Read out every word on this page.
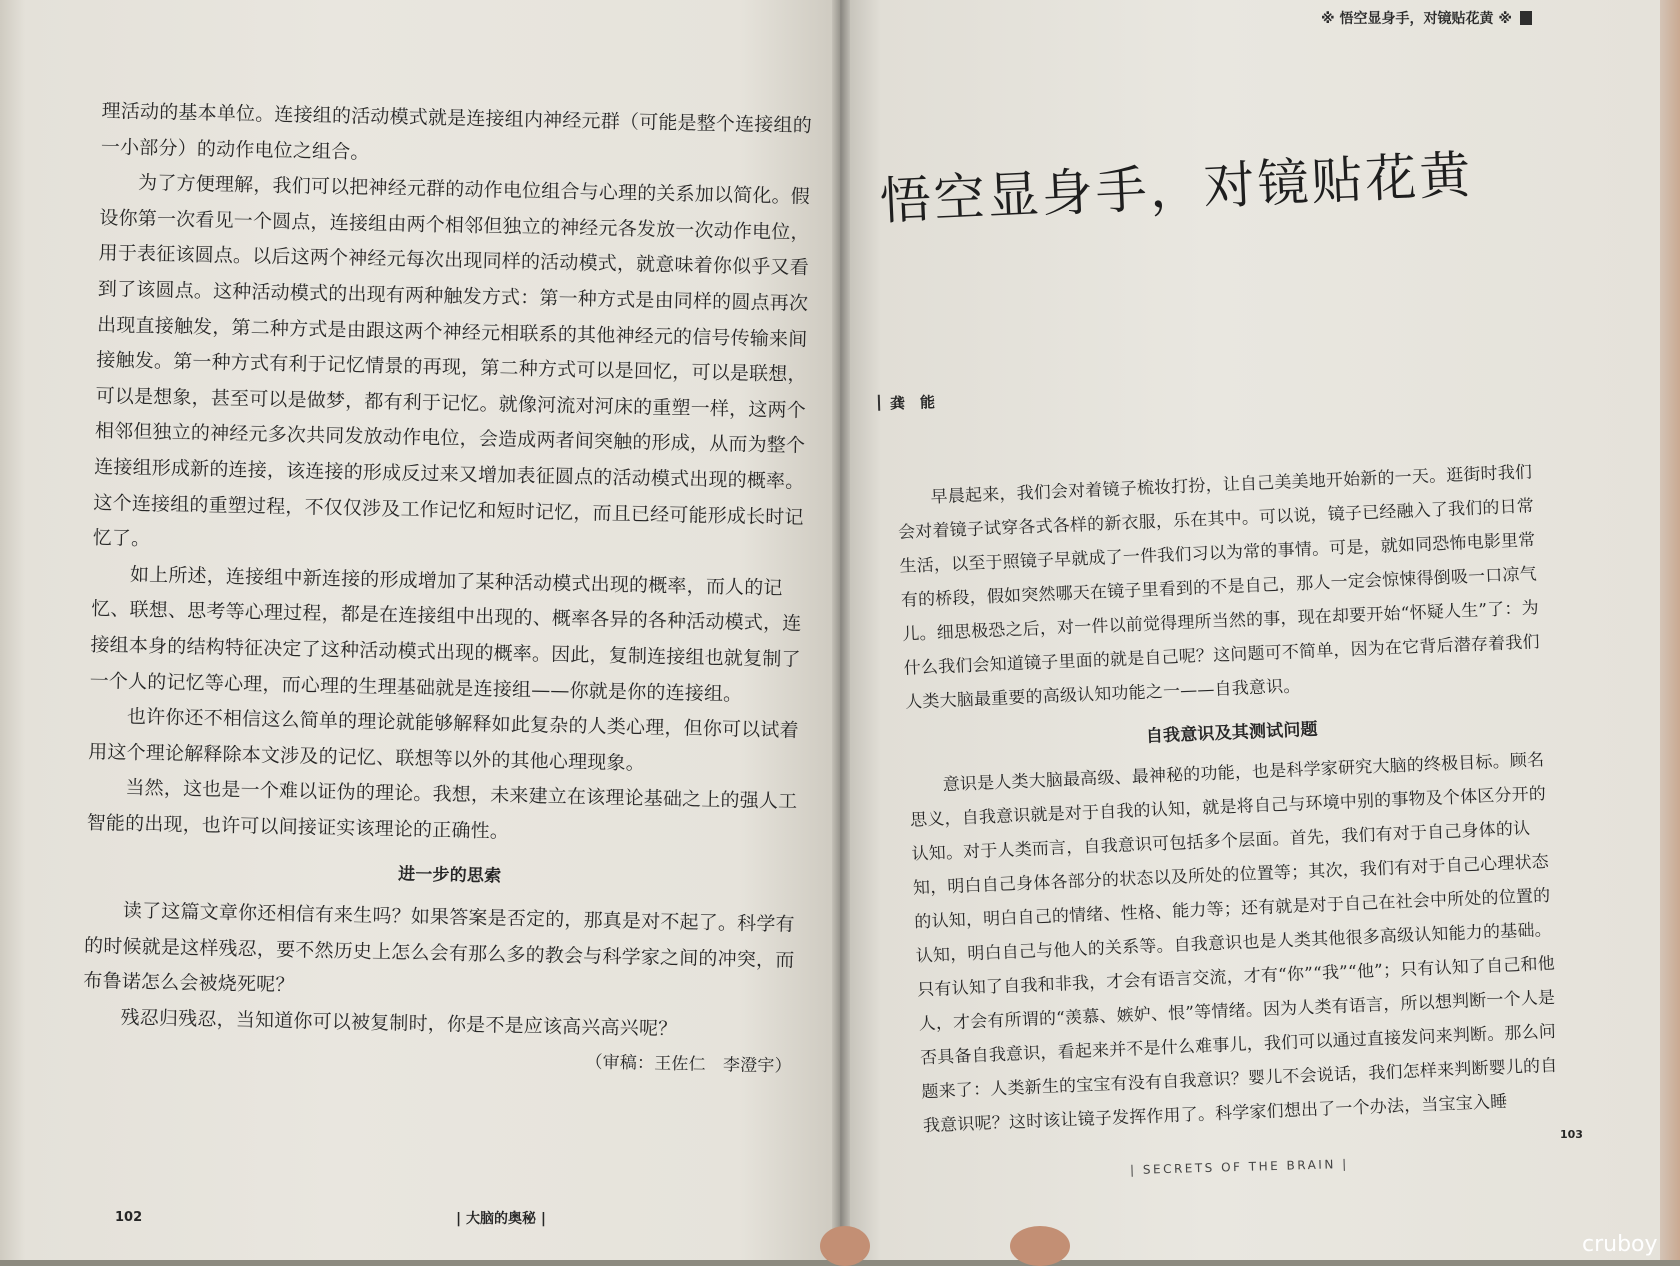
理活动的基本单位。连接组的活动模式就是连接组内神经元群（可能是整个连接组的一小部分）的动作电位之组合。

为了方便理解，我们可以把神经元群的动作电位组合与心理的关系加以简化。假设你第一次看见一个圆点，连接组由两个相邻但独立的神经元各发放一次动作电位，用于表征该圆点。以后这两个神经元每次出现同样的活动模式，就意味着你似乎又看到了该圆点。这种活动模式的出现有两种触发方式：第一种方式是由同样的圆点再次出现直接触发，第二种方式是由跟这两个神经元相联系的其他神经元的信号传输来间接触发。第一种方式有利于记忆情景的再现，第二种方式可以是回忆，可以是联想，可以是想象，甚至可以是做梦，都有利于记忆。就像河流对河床的重塑一样，这两个相邻但独立的神经元多次共同发放动作电位，会造成两者间突触的形成，从而为整个连接组形成新的连接，该连接的形成反过来又增加表征圆点的活动模式出现的概率。这个连接组的重塑过程，不仅仅涉及工作记忆和短时记忆，而且已经可能形成长时记忆了。

如上所述，连接组中新连接的形成增加了某种活动模式出现的概率，而人的记忆、联想、思考等心理过程，都是在连接组中出现的、概率各异的各种活动模式，连接组本身的结构特征决定了这种活动模式出现的概率。因此，复制连接组也就复制了一个人的记忆等心理，而心理的生理基础就是连接组——你就是你的连接组。

也许你还不相信这么简单的理论就能够解释如此复杂的人类心理，但你可以试着用这个理论解释除本文涉及的记忆、联想等以外的其他心理现象。

当然，这也是一个难以证伪的理论。我想，未来建立在该理论基础之上的强人工智能的出现，也许可以间接证实该理论的正确性。

进一步的思索

读了这篇文章你还相信有来生吗？如果答案是否定的，那真是对不起了。科学有的时候就是这样残忍，要不然历史上怎么会有那么多的教会与科学家之间的冲突，而布鲁诺怎么会被烧死呢？

残忍归残忍，当知道你可以被复制时，你是不是应该高兴高兴呢？

（审稿：王佐仁　李澄宇）
102	| 大脑的奥秘 |
※ 悟空显身手，对镜贴花黄 ※
悟空显身手，对镜贴花黄
龚　能

早晨起来，我们会对着镜子梳妆打扮，让自己美美地开始新的一天。逛街时我们会对着镜子试穿各式各样的新衣服，乐在其中。可以说，镜子已经融入了我们的日常生活，以至于照镜子早就成了一件我们习以为常的事情。可是，就如同恐怖电影里常有的桥段，假如突然哪天在镜子里看到的不是自己，那人一定会惊悚得倒吸一口凉气儿。细思极恐之后，对一件以前觉得理所当然的事，现在却要开始“怀疑人生”了：为什么我们会知道镜子里面的就是自己呢？这问题可不简单，因为在它背后潜存着我们人类大脑最重要的高级认知功能之一——自我意识。

自我意识及其测试问题

意识是人类大脑最高级、最神秘的功能，也是科学家研究大脑的终极目标。顾名思义，自我意识就是对于自我的认知，就是将自己与环境中别的事物及个体区分开的认知。对于人类而言，自我意识可包括多个层面。首先，我们有对于自己身体的认知，明白自己身体各部分的状态以及所处的位置等；其次，我们有对于自己心理状态的认知，明白自己的情绪、性格、能力等；还有就是对于自己在社会中所处的位置的认知，明白自己与他人的关系等。自我意识也是人类其他很多高级认知能力的基础。只有认知了自我和非我，才会有语言交流，才有“你”“我”“他”；只有认知了自己和他人，才会有所谓的“羡慕、嫉妒、恨”等情绪。因为人类有语言，所以想判断一个人是否具备自我意识，看起来并不是什么难事儿，我们可以通过直接发问来判断。那么问题来了：人类新生的宝宝有没有自我意识？婴儿不会说话，我们怎样来判断婴儿的自我意识呢？这时该让镜子发挥作用了。科学家们想出了一个办法，当宝宝入睡	103
| SECRETS OF THE BRAIN |
cruboy
